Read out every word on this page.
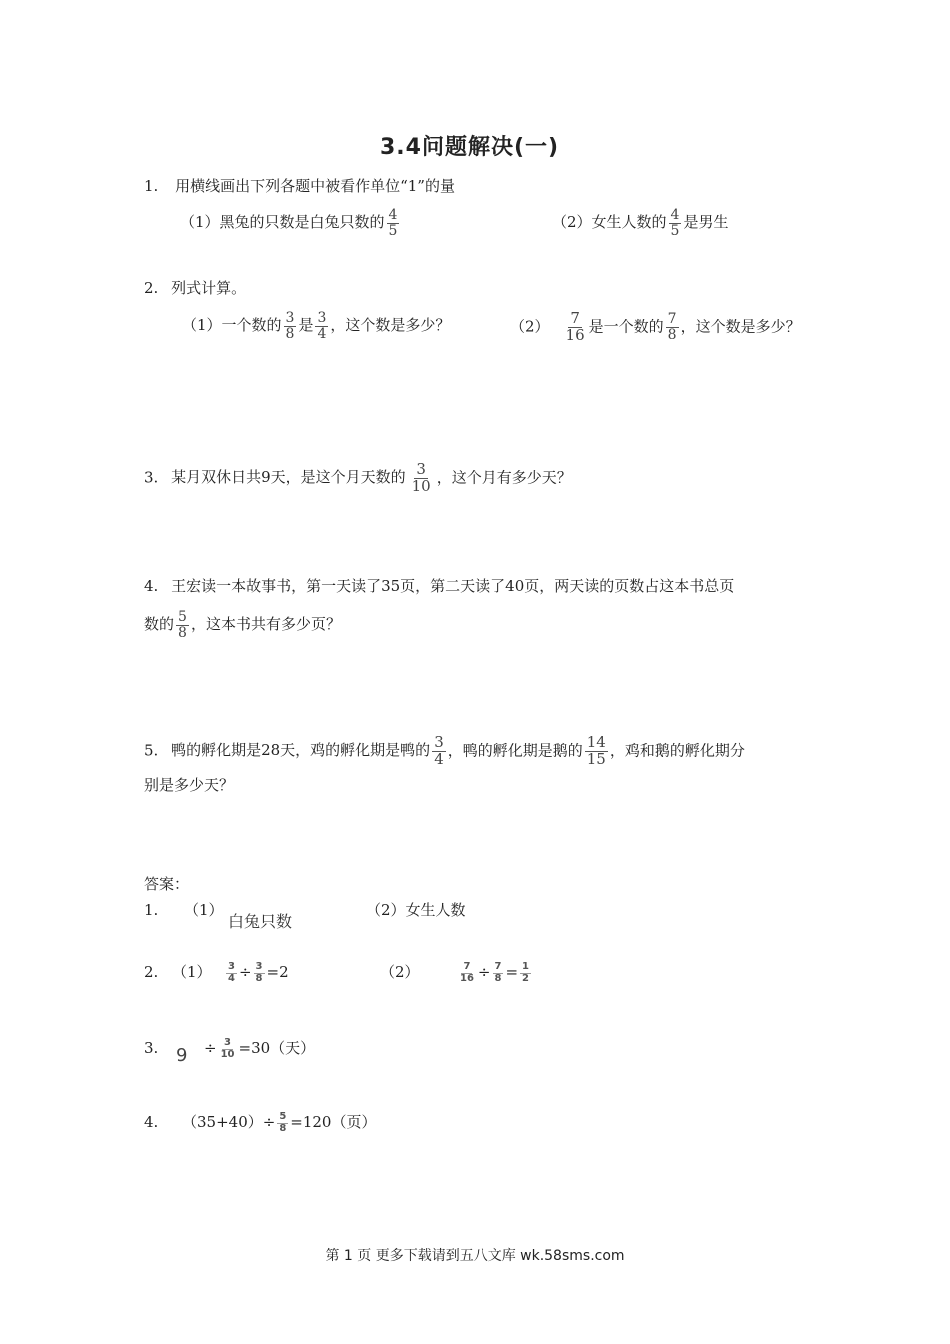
3.4问题解决(一)
1. 用横线画出下列各题中被看作单位“1”的量
（1）黑兔的只数是白兔只数的 $\frac{4}{5}$	（2）女生人数的 $\frac{4}{5}$ 是男生
2. 列式计算。
（1）一个数的 $\frac{3}{8}$ 是 $\frac{3}{4}$ ，这个数是多少？	$(2) \frac{7}{16}$ 是一个数的 $\frac{7}{8}$ ，这个数是多少？
3. 某月双休日共9天，是这个月天数的 $\frac{3}{10}$ ，这个月有多少天？
4. 王宏读一本故事书，第一天读了35页，第二天读了40页，两天读的页数占这本书总页
数的 $\frac{5}{8}$ ，这本书共有多少页？
5. 鸭的孵化期是28天，鸡的孵化期是鸭的 $\frac{3}{4}$ ，鸭的孵化期是鹅的 $\frac{14}{15}$ ，鸡和鹅的孵化期分
别是多少天？
答案：
1. （1）
白兔只数
（2）女生人数
2. $(1) \frac{3}{4} \div \frac{3}{8} =2$	（2）	$\frac{7}{16} \div \frac{7}{8} = \frac{1}{2}$
3. $9 \div \frac{3}{10} =30$（天）
4. $(35+40)\div \frac{5}{8} =120$（页）
第 1 页 更多下载请到五八文库 wk.58sms.com
